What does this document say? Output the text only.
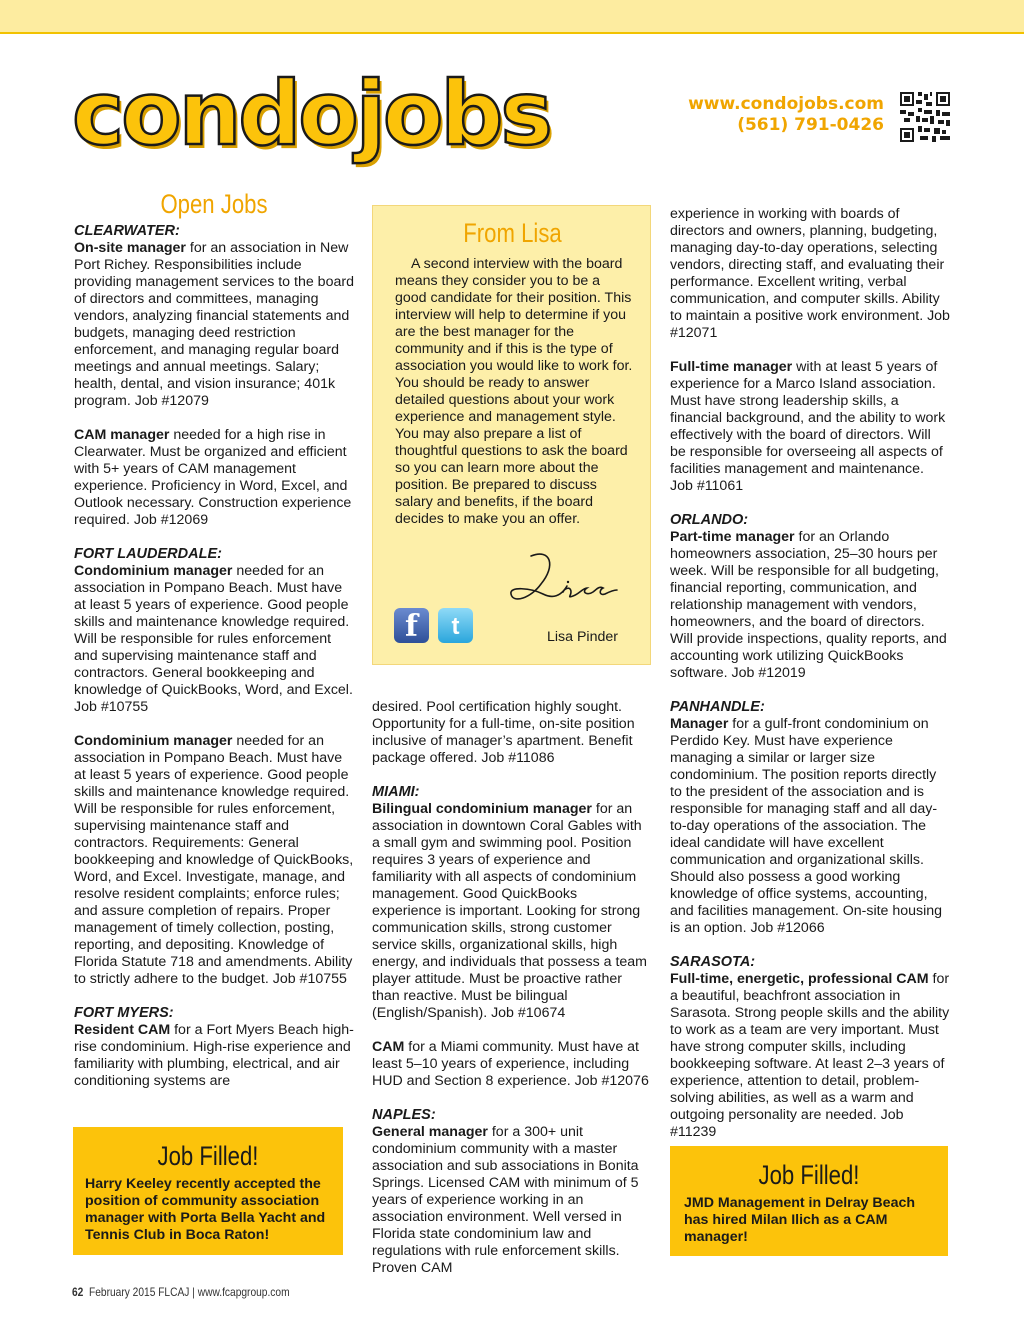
condojobs	www.condojobs.com
(561) 791-0426
Open Jobs
CLEARWATER:

On-site manager for an association in New Port Richey. Responsibilities include providing management services to the board of directors and committees, managing vendors, analyzing financial statements and budgets, managing deed restriction enforcement, and managing regular board meetings and annual meetings. Salary; health, dental, and vision insurance; 401k program. Job #12079

CAM manager needed for a high rise in Clearwater. Must be organized and efficient with 5+ years of CAM management experience. Proficiency in Word, Excel, and Outlook necessary. Construction experience required. Job #12069

FORT LAUDERDALE:

Condominium manager needed for an association in Pompano Beach. Must have at least 5 years of experience. Good people skills and maintenance knowledge required. Will be responsible for rules enforcement and supervising maintenance staff and contractors. General bookkeeping and knowledge of QuickBooks, Word, and Excel. Job #10755

Condominium manager needed for an association in Pompano Beach. Must have at least 5 years of experience. Good people skills and maintenance knowledge required. Will be responsible for rules enforcement, supervising maintenance staff and contractors. Requirements: General bookkeeping and knowledge of QuickBooks, Word, and Excel. Investigate, manage, and resolve resident complaints; enforce rules; and assure completion of repairs. Proper management of timely collection, posting, reporting, and depositing. Knowledge of Florida Statute 718 and amendments. Ability to strictly adhere to the budget. Job #10755

FORT MYERS:

Resident CAM for a Fort Myers Beach high-rise condominium. High-rise experience and familiarity with plumbing, electrical, and air conditioning systems are

Job Filled!
Harry Keeley recently accepted the position of community association manager with Porta Bella Yacht and Tennis Club in Boca Raton!
From Lisa
A second interview with the board means they consider you to be a good candidate for their position. This interview will help to determine if you are the best manager for the community and if this is the type of association you would like to work for. You should be ready to answer detailed questions about your work experience and management style. You may also prepare a list of thoughtful questions to ask the board so you can learn more about the position. Be prepared to discuss salary and benefits, if the board decides to make you an offer.
f	t	Lisa Pinder

desired. Pool certification highly sought. Opportunity for a full-time, on-site position inclusive of manager’s apartment. Benefit package offered. Job #11086

MIAMI:

Bilingual condominium manager for an association in downtown Coral Gables with a small gym and swimming pool. Position requires 3 years of experience and familiarity with all aspects of condominium management. Good QuickBooks experience is important. Looking for strong communication skills, strong customer service skills, organizational skills, high energy, and individuals that possess a team player attitude. Must be proactive rather than reactive. Must be bilingual (English/Spanish). Job #10674

CAM for a Miami community. Must have at least 5–10 years of experience, including HUD and Section 8 experience. Job #12076

NAPLES:

General manager for a 300+ unit condominium community with a master association and sub associations in Bonita Springs. Licensed CAM with minimum of 5 years of experience working in an association environment. Well versed in Florida state condominium law and regulations with rule enforcement skills. Proven CAM

experience in working with boards of directors and owners, planning, budgeting, managing day-to-day operations, selecting vendors, directing staff, and evaluating their performance. Excellent writing, verbal communication, and computer skills. Ability to maintain a positive work environment. Job #12071

Full-time manager with at least 5 years of experience for a Marco Island association. Must have strong leadership skills, a financial background, and the ability to work effectively with the board of directors. Will be responsible for overseeing all aspects of facilities management and maintenance. Job #11061

ORLANDO:

Part-time manager for an Orlando homeowners association, 25–30 hours per week. Will be responsible for all budgeting, financial reporting, communication, and relationship management with vendors, homeowners, and the board of directors. Will provide inspections, quality reports, and accounting work utilizing QuickBooks software. Job #12019

PANHANDLE:

Manager for a gulf-front condominium on Perdido Key. Must have experience managing a similar or larger size condominium. The position reports directly to the president of the association and is responsible for managing staff and all day-to-day operations of the association. The ideal candidate will have excellent communication and organizational skills. Should also possess a good working knowledge of office systems, accounting, and facilities management. On-site housing is an option. Job #12066

SARASOTA:

Full-time, energetic, professional CAM for a beautiful, beachfront association in Sarasota. Strong people skills and the ability to work as a team are very important. Must have strong computer skills, including bookkeeping software. At least 2–3 years of experience, attention to detail, problem-solving abilities, as well as a warm and outgoing personality are needed. Job #11239

Job Filled!
JMD Management in Delray Beach has hired Milan Ilich as a CAM manager!
62 February 2015 FLCAJ | www.fcapgroup.com
